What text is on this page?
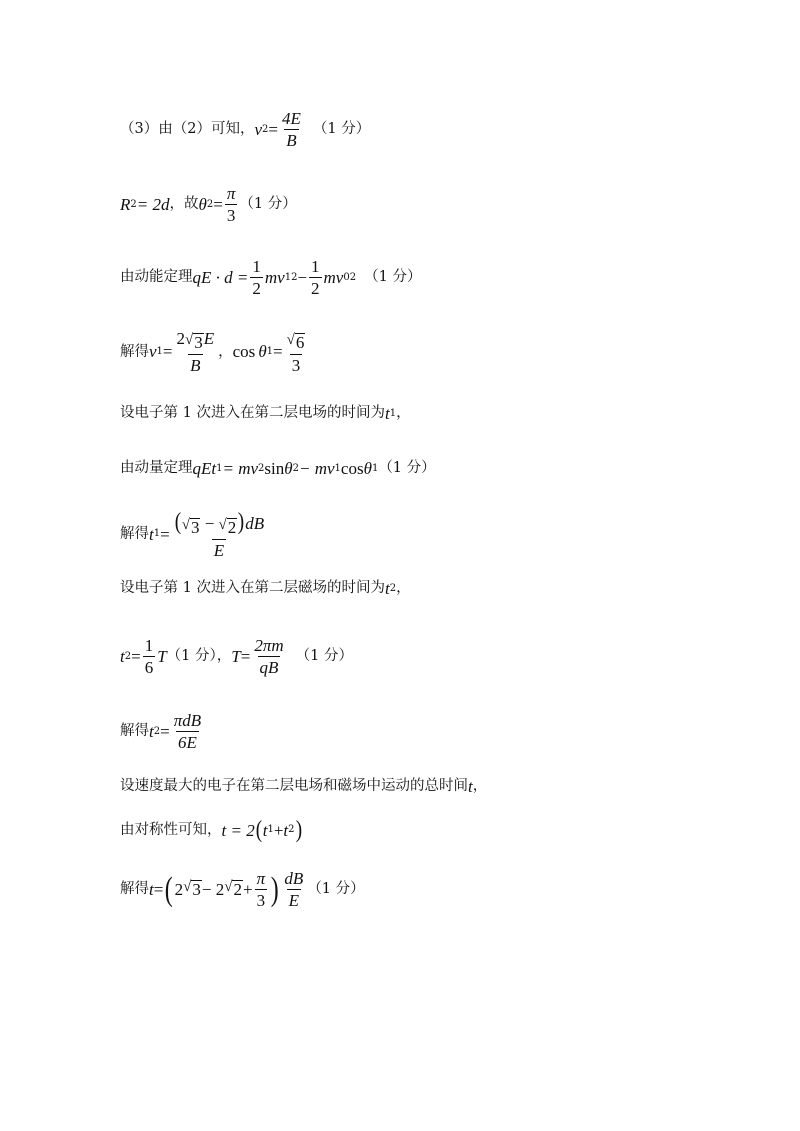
（3）由（2）可知， v $2 = \frac{4E}{B} (1$ 分）
R 2 = 2d ，故 θ $2 = \frac{\pi}{3} (1$ 分）
由动能定理 qE · $d = \frac{1}{2}$ mv 1 $2 - \frac{1}{2}$ mv 0 2 （1 分）
解得 v $1 = \frac{2 √ 3 E}{B}$ ， cos θ $1 = \frac{√ 6}{3}$
设电子第 1 次进入在第二层电场的时间为 t 1 ，
由动量定理 qEt 1 = mv 2 sin θ 2 − mv 1 cos θ 1 （1 分）
解得 t $1 = \frac{( √ 3 - √ 2 )dB}{E}$
设电子第 1 次进入在第二层磁场的时间为 t 2 ，
t $2 = \frac{1}{6}$ T （1 分）， $T = \frac{2\pi m}{qB} (1$ 分）
解得 t $2 = \frac{\text{πdB}}{6E}$
设速度最大的电子在第二层电场和磁场中运动的总时间 t ，
由对称性可知， t = 2 ( t 1 + t 2 )
解得 t = ( 2 √ 3 − 2 √ $2 + \frac{\pi}{3}$ ) $\frac{dB}{E} (1$ 分）
